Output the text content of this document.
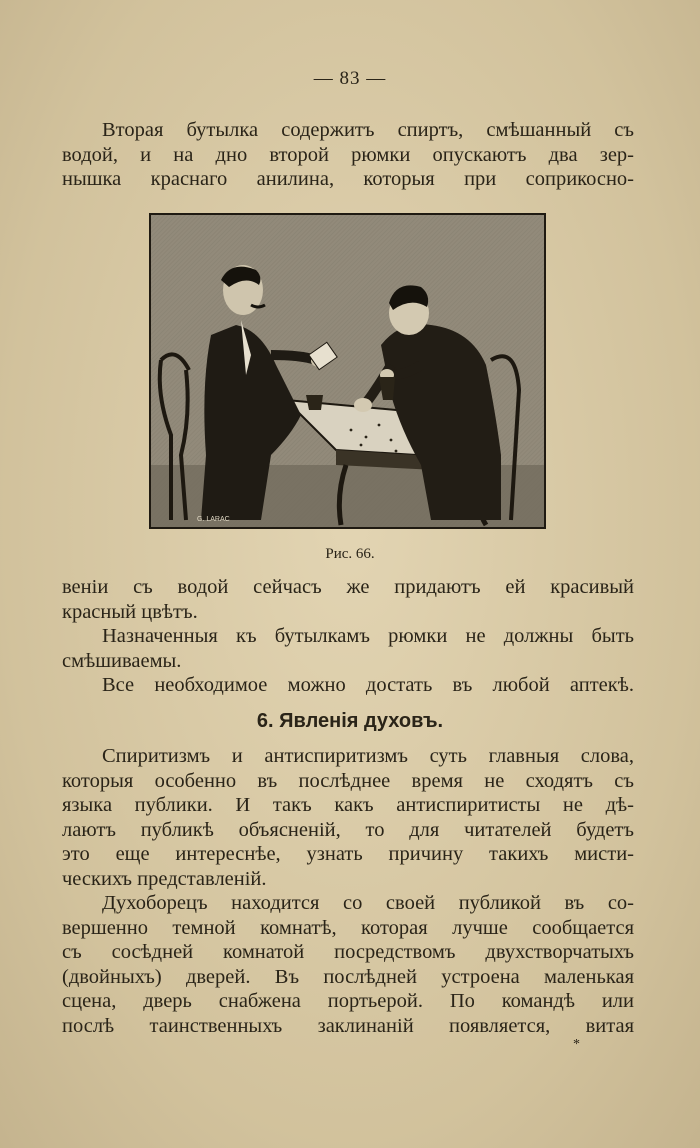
— 83 —
Вторая бутылка содержитъ спиртъ, смѣшанный съ
водой, и на дно второй рюмки опускаютъ два зер-
нышка краснаго анилина, которыя при соприкосно-
G. LARAC
Рис. 66.
веніи съ водой сейчасъ же придаютъ ей красивый
красный цвѣтъ.
Назначенныя къ бутылкамъ рюмки не должны быть
смѣшиваемы.
Все необходимое можно достать въ любой аптекѣ.
6. Явленія духовъ.
Спиритизмъ и антиспиритизмъ суть главныя слова,
которыя особенно въ послѣднее время не сходятъ съ
языка публики. И такъ какъ антиспиритисты не дѣ-
лаютъ публикѣ объясненій, то для читателей будетъ
это еще интереснѣе, узнать причину такихъ мисти-
ческихъ представленій.
Духоборецъ находится со своей публикой въ со-
вершенно темной комнатѣ, которая лучше сообщается
съ сосѣдней комнатой посредствомъ двухстворчатыхъ
(двойныхъ) дверей. Въ послѣдней устроена маленькая
сцена, дверь снабжена портьерой. По командѣ или
послѣ таинственныхъ заклинаній появляется, витая
*
